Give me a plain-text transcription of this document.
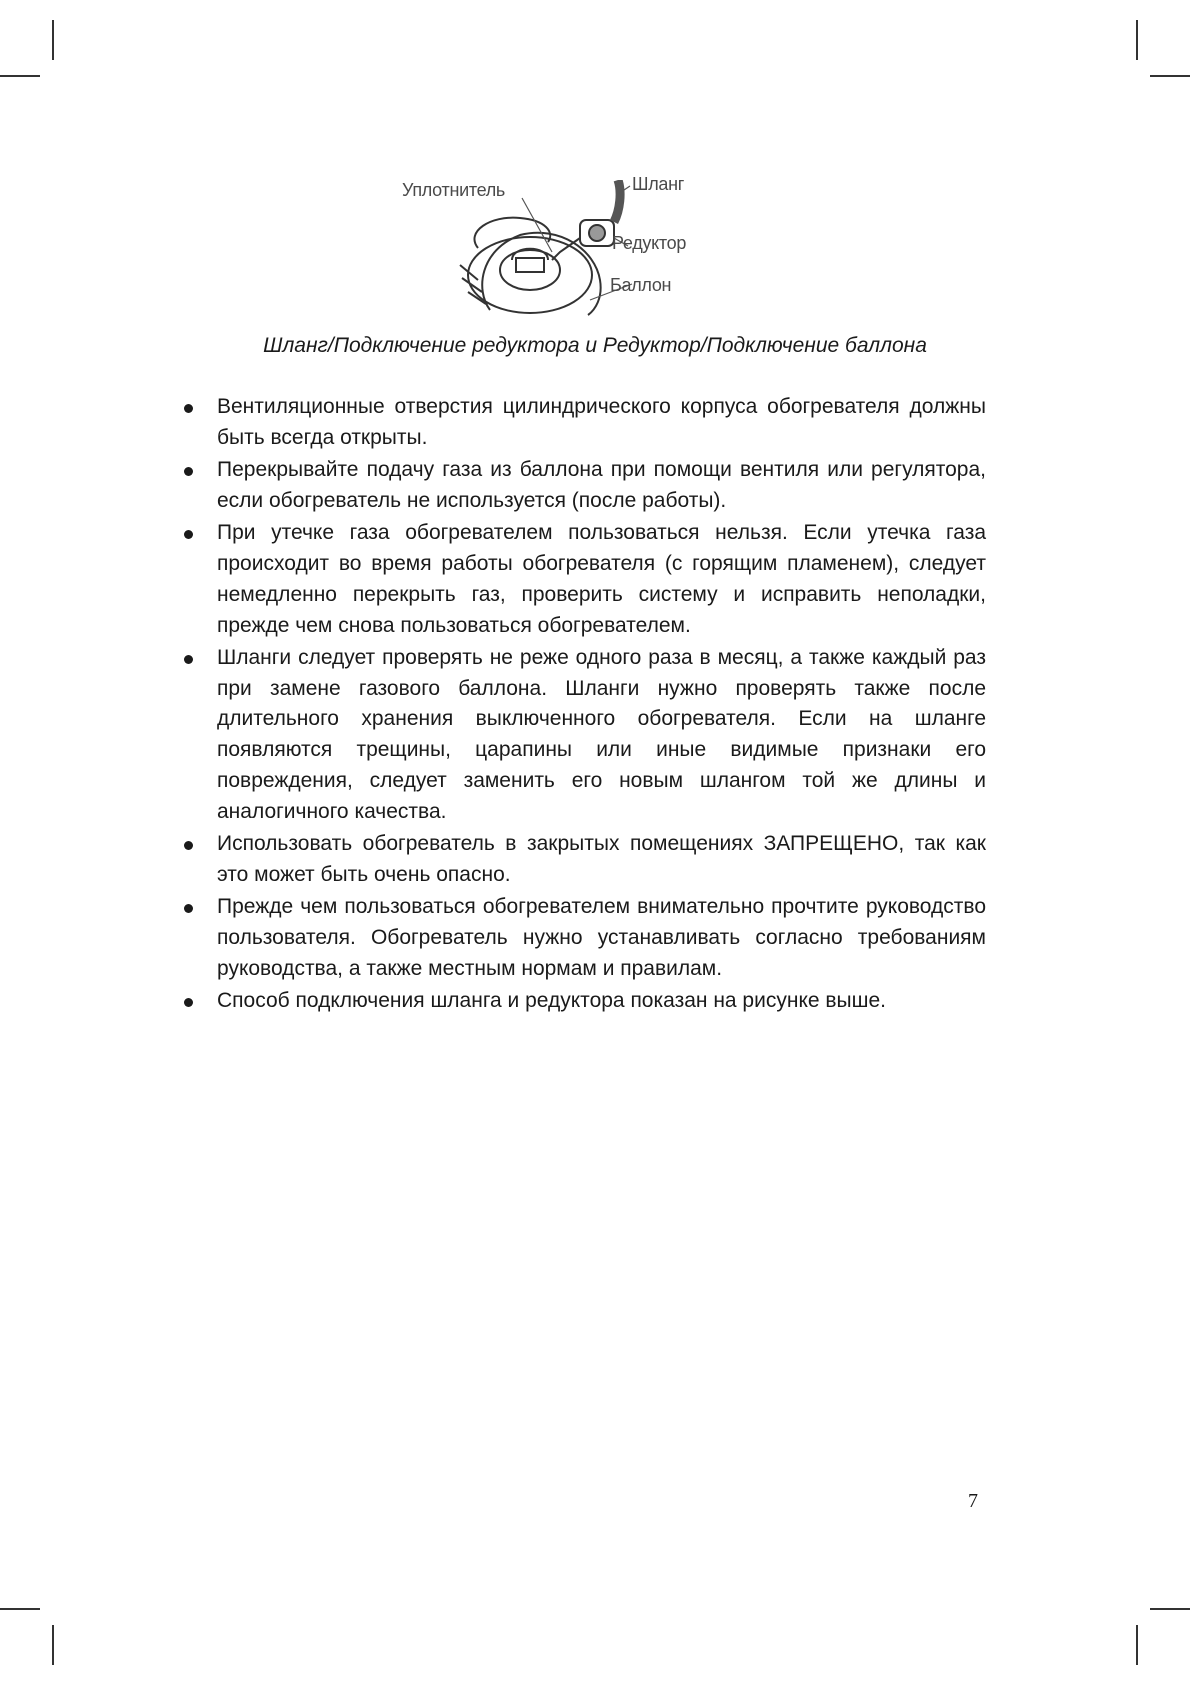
Уплотнитель	Шланг
Редуктор
Баллон
Шланг/Подключение редуктора и Редуктор/Подключение баллона
Вентиляционные отверстия цилиндрического корпуса обогревателя должны быть всегда открыты.
Перекрывайте подачу газа из баллона при помощи вентиля или регулятора, если обогреватель не используется (после работы).
При утечке газа обогревателем пользоваться нельзя. Если утечка газа происходит во время работы обогревателя (с горящим пламенем), следует немедленно перекрыть газ, проверить систему и исправить неполадки, прежде чем снова пользоваться обогревателем.
Шланги следует проверять не реже одного раза в месяц, а также каждый раз при замене газового баллона. Шланги нужно проверять также после длительного хранения выключенного обогревателя. Если на шланге появляются трещины, царапины или иные видимые признаки его повреждения, следует заменить его новым шлангом той же длины и аналогичного качества.
Использовать обогреватель в закрытых помещениях ЗАПРЕЩЕНО, так как это может быть очень опасно.
Прежде чем пользоваться обогревателем внимательно прочтите руководство пользователя. Обогреватель нужно устанавливать согласно требованиям руководства, а также местным нормам и правилам.
Способ подключения шланга и редуктора показан на рисунке выше.
7
